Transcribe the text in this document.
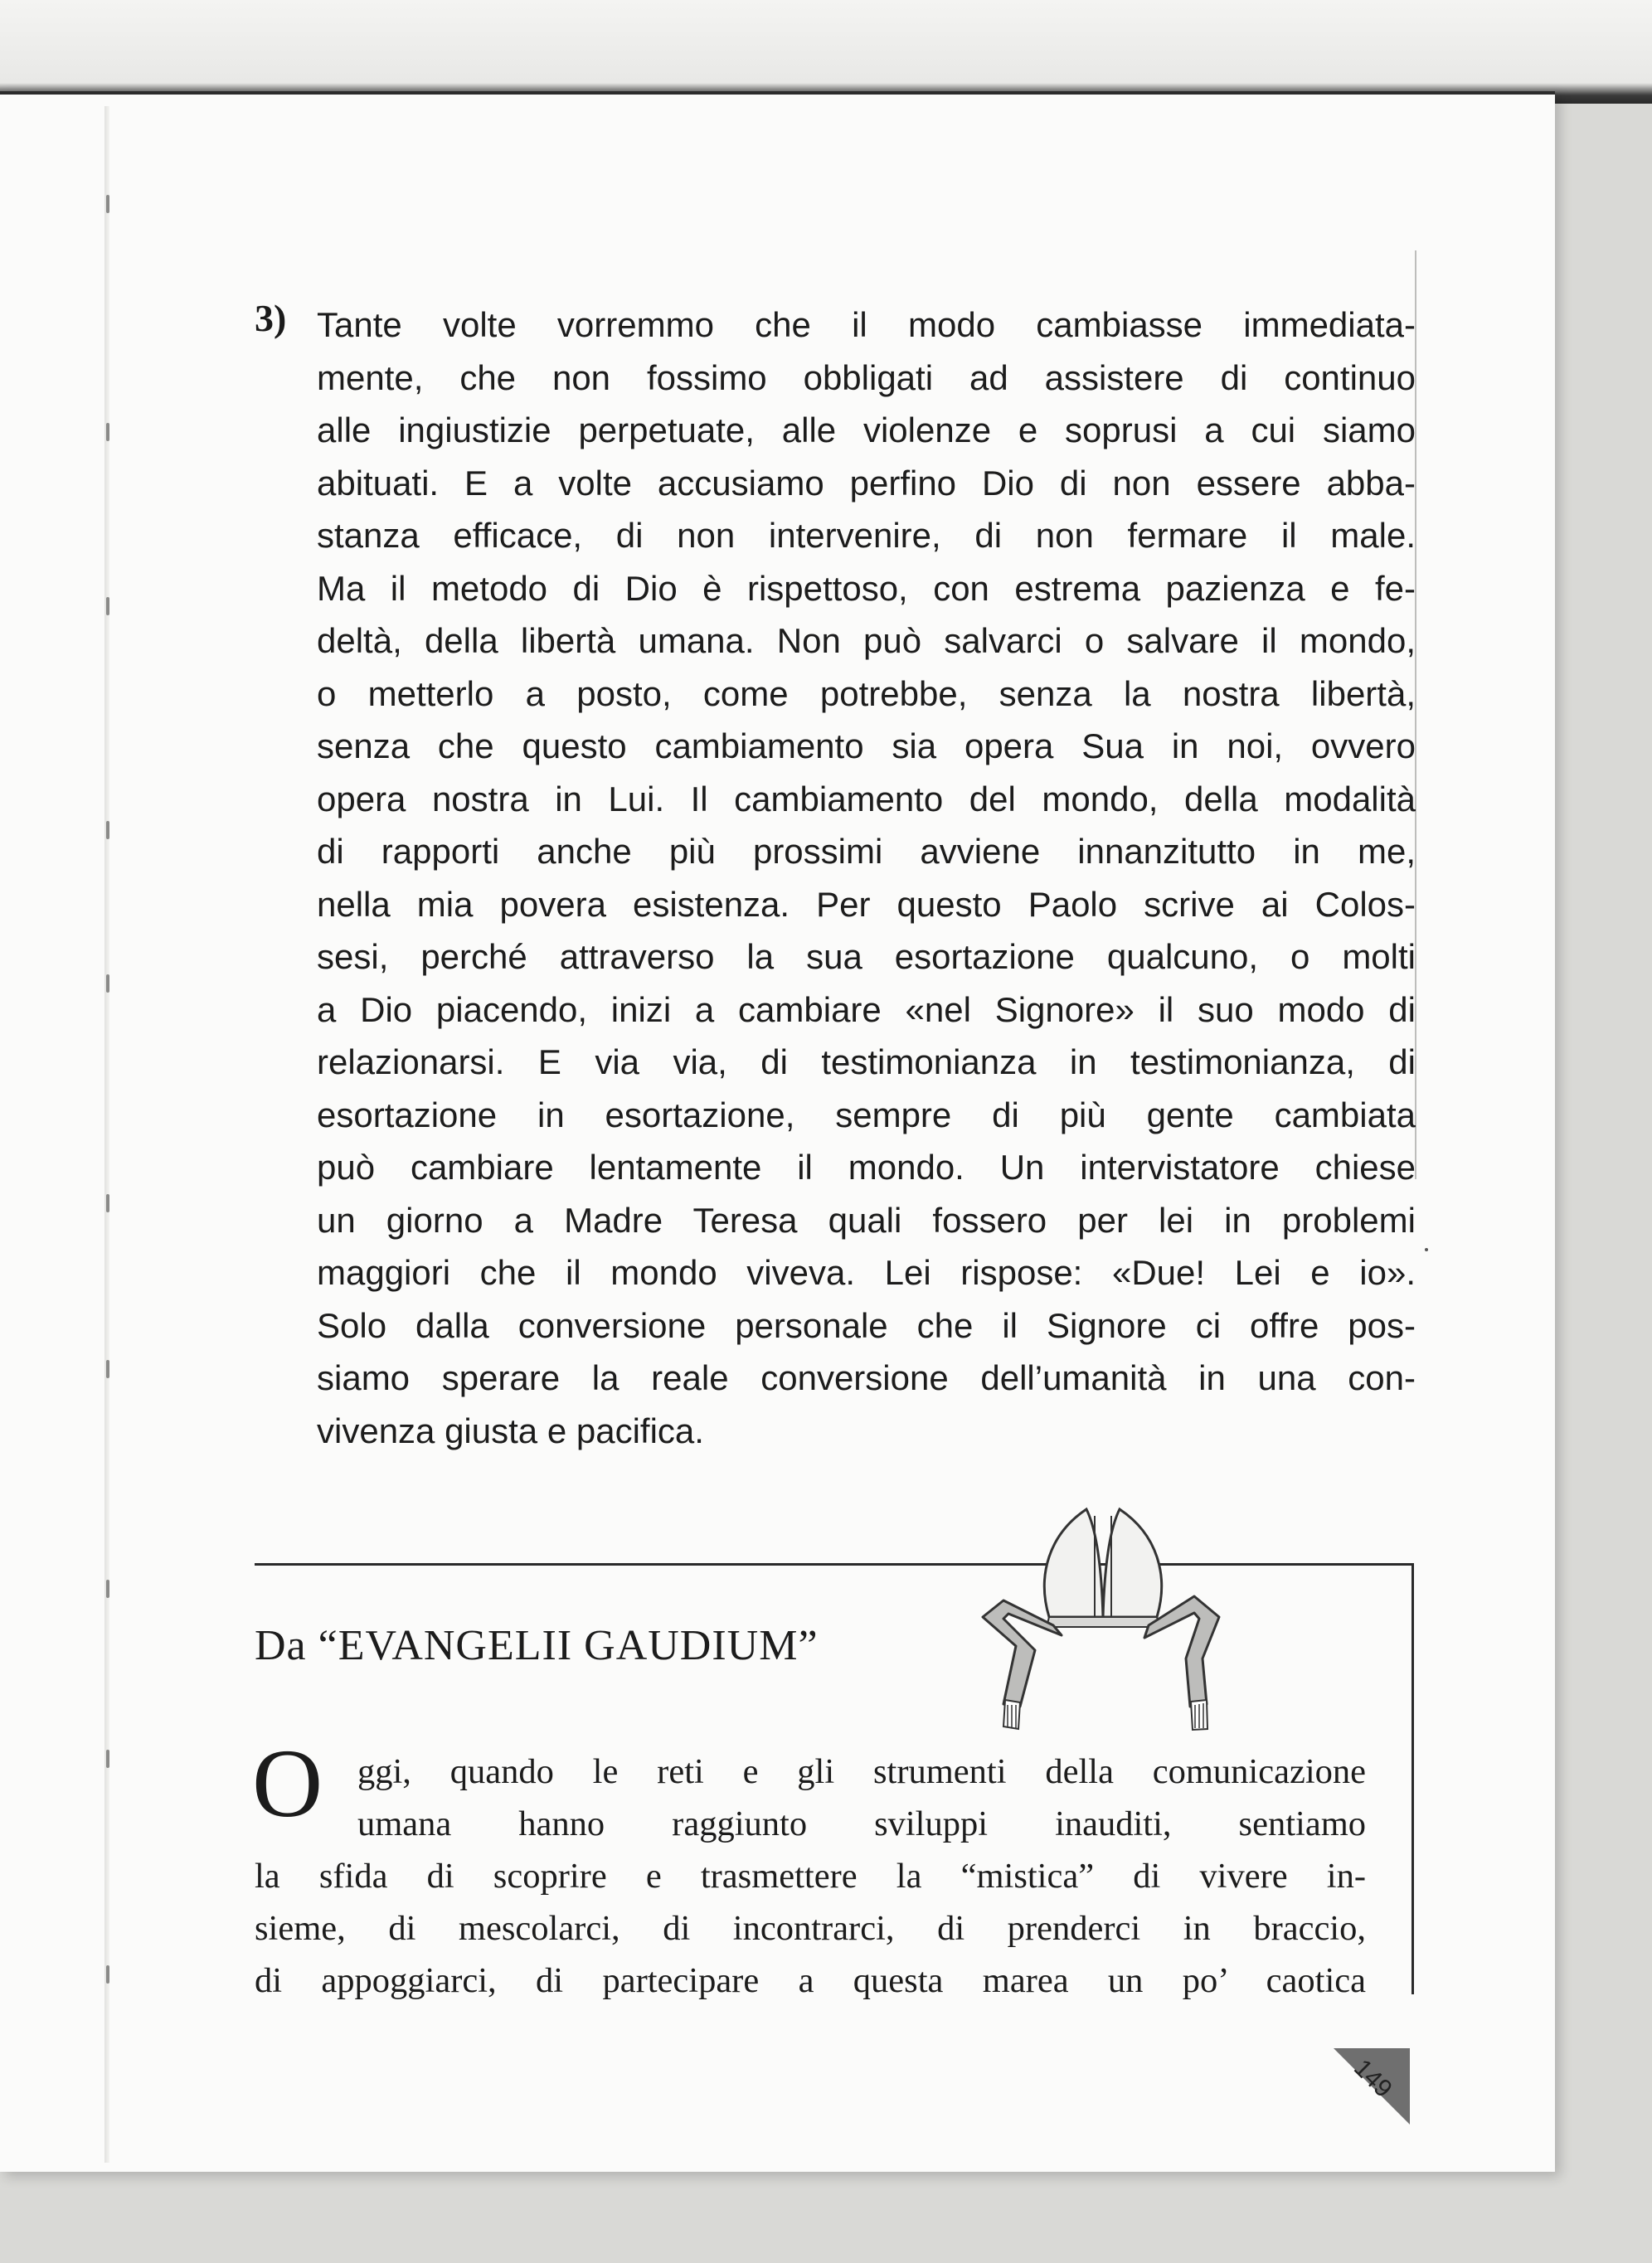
3) Tante volte vorremmo che il modo cambiasse immediata-
mente, che non fossimo obbligati ad assistere di continuo
alle ingiustizie perpetuate, alle violenze e soprusi a cui siamo
abituati. E a volte accusiamo perfino Dio di non essere abba-
stanza efficace, di non intervenire, di non fermare il male.
Ma il metodo di Dio è rispettoso, con estrema pazienza e fe-
deltà, della libertà umana. Non può salvarci o salvare il mondo,
o metterlo a posto, come potrebbe, senza la nostra libertà,
senza che questo cambiamento sia opera Sua in noi, ovvero
opera nostra in Lui. Il cambiamento del mondo, della modalità
di rapporti anche più prossimi avviene innanzitutto in me,
nella mia povera esistenza. Per questo Paolo scrive ai Colos-
sesi, perché attraverso la sua esortazione qualcuno, o molti
a Dio piacendo, inizi a cambiare «nel Signore» il suo modo di
relazionarsi. E via via, di testimonianza in testimonianza, di
esortazione in esortazione, sempre di più gente cambiata
può cambiare lentamente il mondo. Un intervistatore chiese
un giorno a Madre Teresa quali fossero per lei in problemi
maggiori che il mondo viveva. Lei rispose: «Due! Lei e io».
Solo dalla conversione personale che il Signore ci offre pos-
siamo sperare la reale conversione dell’umanità in una con-
vivenza giusta e pacifica.

Da “EVANGELII GAUDIUM”
O ggi, quando le reti e gli strumenti della comunicazione
umana hanno raggiunto sviluppi inauditi, sentiamo
la sfida di scoprire e trasmettere la “mistica” di vivere in-
sieme, di mescolarci, di incontrarci, di prenderci in braccio,
di appoggiarci, di partecipare a questa marea un po’ caotica

149
